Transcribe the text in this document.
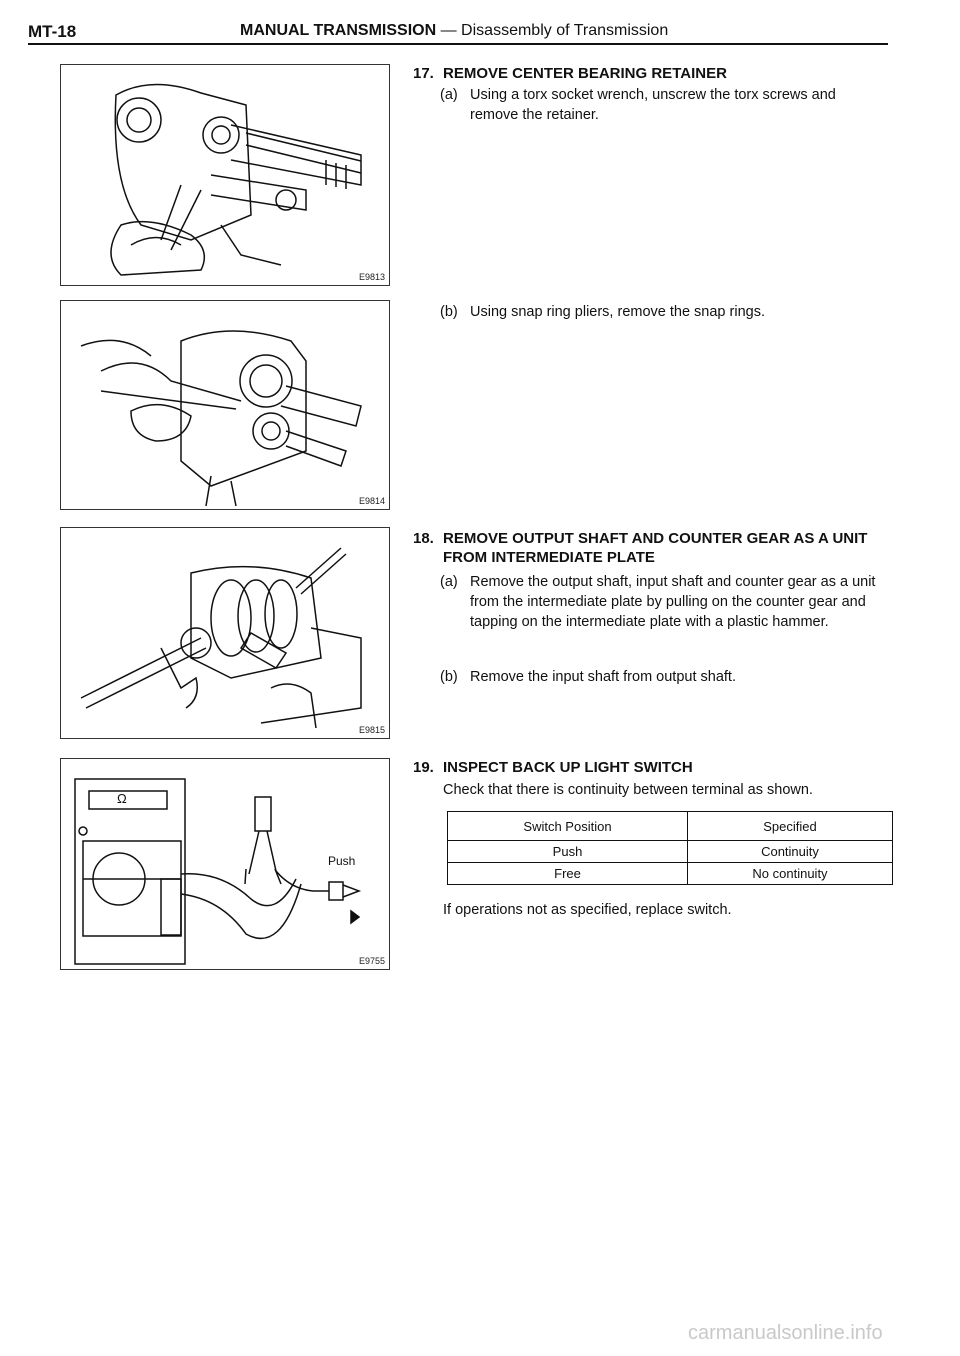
MT-18	MANUAL TRANSMISSION — Disassembly of Transmission
E9813
E9814
E9815
Ω
Push
E9755
17. REMOVE CENTER BEARING RETAINER
(a) Using a torx socket wrench, unscrew the torx screws and remove the retainer.
(b) Using snap ring pliers, remove the snap rings.
18. REMOVE OUTPUT SHAFT AND COUNTER GEAR AS A UNIT FROM INTERMEDIATE PLATE
(a) Remove the output shaft, input shaft and counter gear as a unit from the intermediate plate by pulling on the counter gear and tapping on the intermediate plate with a plastic hammer.
(b) Remove the input shaft from output shaft.
19. INSPECT BACK UP LIGHT SWITCH
Check that there is continuity between terminal as shown.
Switch Position	Specified
Push	Continuity
Free	No continuity
If operations not as specified, replace switch.
carmanualsonline.info
